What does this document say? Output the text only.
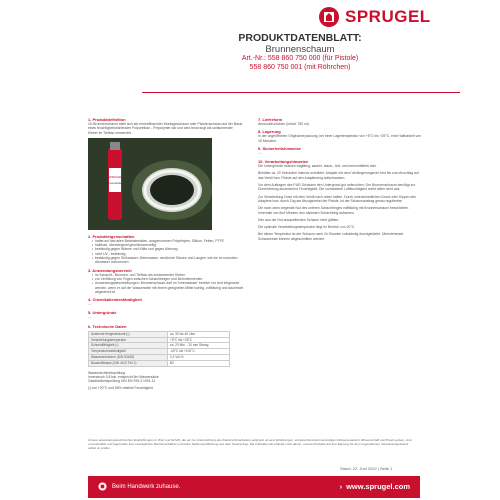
SPRUGEL
PRODUKTDATENBLATT:
Brunnenschaum
Art.-Nr.: 558 860 750 000 (für Pistole)
558 860 750 001 (mit Röhrchen)
1. Produktdefinition

1K-Brunnenschaum stellt sich als ermetrilhaender Montageschaum oder Pistolenschaum auf der Basis eines feuchtigkeitshärtenden Polyurethan - Prepolymer dar und wird bevorzugt als schäumender Kleber im Tiefbau verwendet.

SPRUGEL
Brunnenschaum
2. Produkteigenschaften
• haftet auf fast allen Baumaterialien, ausgenommen Polyethylen, Silikon, Fetten, PTFE
• halbhart, überwiegend geschlossenzellig
• beständig gegen Wärme und Kälte und gegen Alterung
• nicht UV - beständig
• beständig gegen Süßwasser, Meerwasser, verdünnte Säuren und Laugen, wie sie im normalen Abwasser vorkommen
3. Anwendungsbereich
• im Schacht-, Brunnen- und Tiefbau als schäumender Kleber
• zur Verfüllung von Fugen zwischen Schachtringen und Betonelementen
• Anwendungsbeschreibungen: Brunnenschaum darf im 'Innenwasser' bereich nur dort eingesetzt werden, wenn er auf der Wasserseite mit einem geeigneten Mittel sichtig, vollflächig und dauerhaft abgedeckt ist
4. Chemikalienbeständigkeit
—
5. Untergründe
—
6. Technische Daten
Ausbeute freigeschäumt (¹)	ca. 30 bis 40 Liter
Verarbeitungstemperatur	+5°C bis +35°C
Schneidfähigkeit (¹)	ca. 20 Min. - 20 mm Strang
Temperaturbeständigkeit	-40°C bis +100°C
Wasseraufnahme (DIN 53428)	0,3 Vol.%
Baustoffklasse (DIN 4102 Teil 1)	B2
Wasserdichtheitsprüfung
Innendruck 0,5 bar, entspricht 5m Wassersäule
Gasdichtheitsprüfung DIN EN 295-3 1991-11
(¹) bei +20°C und 55% relative Feuchtigkeit
7. Lieferform

Aerosoldruckdose (Inhalt: 750 ml)

8. Lagerung

In der ungeöffneten Originalverpackung, bei einer Lagertemperatur von +5°C bis +25°C, eine Haltbarkeit von 18 Monaten.

9. Sicherheitshinweise
—
10. Verarbeitungshinweise

Die Untergründe müssen tragfähig, sauber, staub-, fett- und trennmittelfrei sein.

Behälter ca. 20 Sekunden intensiv schütteln. Adapter mit dem Verlängerungsrohr fest bis zum Anschlag auf das Ventil bzw. Pistole auf den Adaptierring aufschrauben.

Vor dem Auftragen des PUR-Schaums den Untergrund gut anfeuchten; Der Brunnenschaum benötigt zur Durchhärtung ausreichend Feuchtigkeit. Die vorhandene Luftfeuchtigkeit reicht allein nicht aus.

Zur Verarbeitung Dose mit dem Ventil nach unten halten. Durch unterschiedlichen Druck oder Kippen des Adapters bzw. durch Zug am Abzugshebel der Pistole, ist der Schaumaustrag genau regulierbar.

Die nach oben zeigende Nut des unteren Schachtringes vollflächig mit Brunnenschaum beschichten. Innerhalb von fünf Minuten den nächsten Schachtring aufsetzen.

Den aus der Nut ausquellenden Schaum nicht glätten.

Die optimale Verarbeitungstemperatur liegt im Bereich von 20°C.

Bei dieser Temperatur ist der Schaum nach 2h Stunden vollständig durchgehärtet. Überstehende Schaumreste können abgeschnitten werden.

Unsere anwendungstechnischen Empfehlungen in Wort und Schrift, die wir zur Unterstützung des Käufers/Verarbeiters aufgrund unserer Erfahrungen, entsprechend dem derzeitigen Wissensstand in Wissenschaft und Praxis geben, sind unverbindlich und begründen kein vertragliches Rechtsverhältnis und keine Nebenverpflichtung aus dem Kaufvertrag. Sie entbinden den Käufer nicht davon, unsere Produkte auf ihre Eignung für den vorgesehenen Verwendungszweck selbst zu prüfen.
Stand: 22. Juni 2022 | Seite 1
Beim Handwerk zuhause.	› www.sprugel.com
